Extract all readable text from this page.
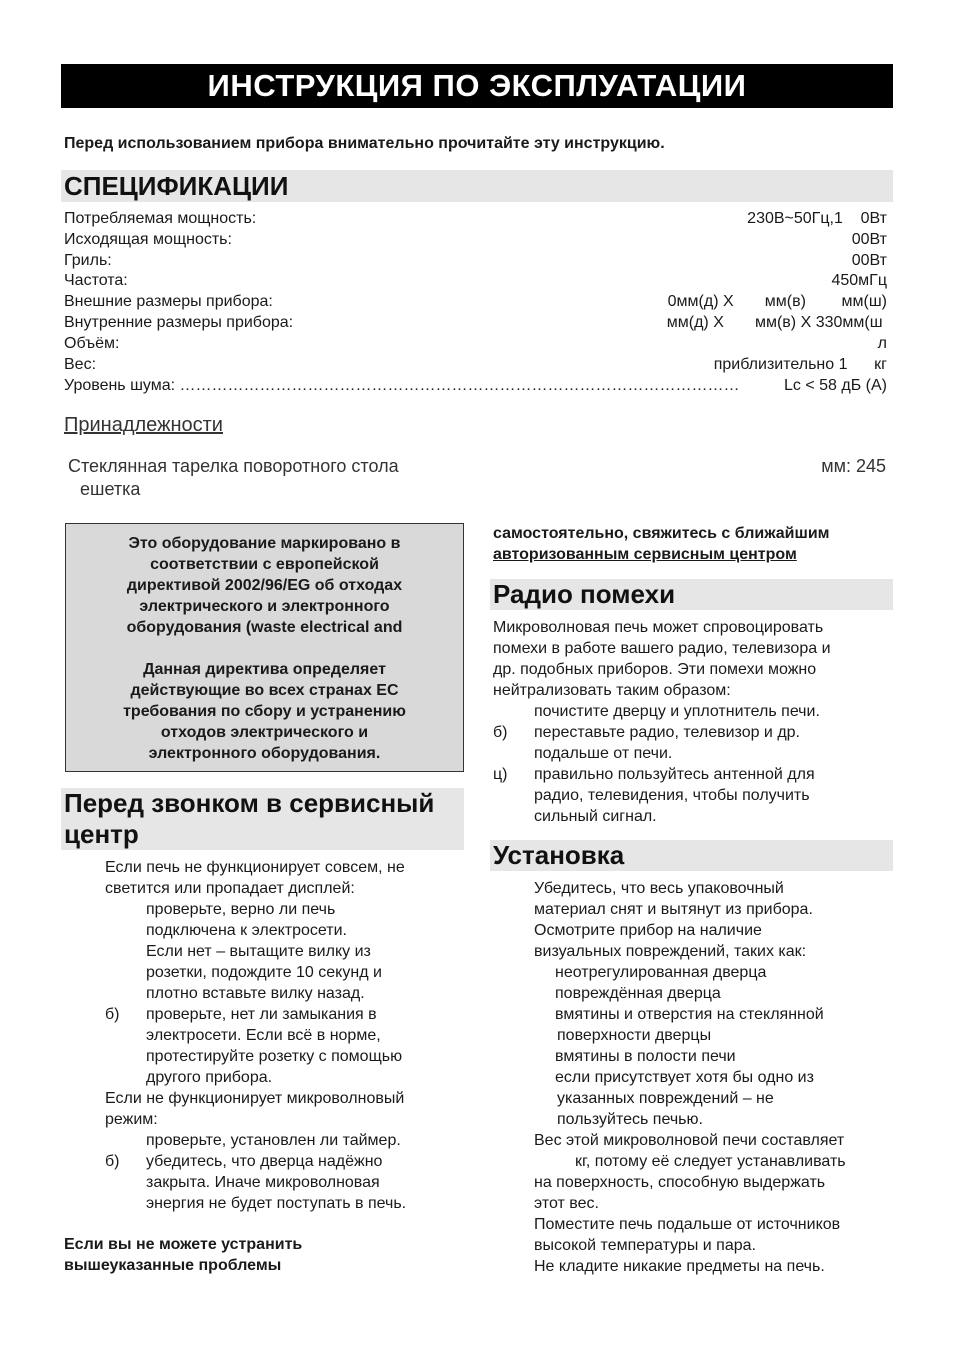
ИНСТРУКЦИЯ ПО ЭКСПЛУАТАЦИИ
Перед использованием прибора внимательно прочитайте эту инструкцию.
СПЕЦИФИКАЦИИ
Потребляемая мощность:	230В~50Гц,1    0Вт
Исходящая мощность:	00Вт
Гриль:	00Вт
Частота:	450мГц
Внешние размеры прибора:	0мм(д) Х       мм(в)        мм(ш)
Внутренние размеры прибора:	мм(д) Х       мм(в) Х 330мм(ш
Объём:	л
Вес:	приблизительно 1      кг
Уровень шума: ……………………………………………………………………………………………	Lc < 58 дБ (А)
Принадлежности
Стеклянная тарелка поворотного стола	мм: 245
ешетка

Это оборудование маркировано в

соответствии с европейской

директивой 2002/96/EG об отходах

электрического и электронного

оборудования (waste electrical and

Данная директива определяет

действующие во всех странах ЕС

требования по сбору и устранению

отходов электрического и

электронного оборудования.

Перед звонком в сервисный
центр
Если печь не функционирует совсем, не
светится или пропадает дисплей:
проверьте, верно ли печь
подключена к электросети.
Если нет – вытащите вилку из
розетки, подождите 10 секунд и
плотно вставьте вилку назад.
б) проверьте, нет ли замыкания в
электросети. Если всё в норме,
протестируйте розетку с помощью
другого прибора.
Если не функционирует микроволновый
режим:
проверьте, установлен ли таймер.
б) убедитесь, что дверца надёжно
закрыта. Иначе микроволновая
энергия не будет поступать в печь.
Если вы не можете устранить
вышеуказанные проблемы
самостоятельно, свяжитесь с ближайшим
авторизованным сервисным центром
Радио помехи
Микроволновая печь может спровоцировать
помехи в работе вашего радио, телевизора и
др. подобных приборов. Эти помехи можно
нейтрализовать таким образом:
почистите дверцу и уплотнитель печи.
б) переставьте радио, телевизор и др.
подальше от печи.
ц) правильно пользуйтесь антенной для
радио, телевидения, чтобы получить
сильный сигнал.
Установка
Убедитесь, что весь упаковочный
материал снят и вытянут из прибора.
Осмотрите прибор на наличие
визуальных повреждений, таких как:
неотрегулированная дверца
повреждённая дверца
вмятины и отверстия на стеклянной
поверхности дверцы
вмятины в полости печи
если присутствует хотя бы одно из
указанных повреждений – не
пользуйтесь печью.
Вес этой микроволновой печи составляет
кг, потому её следует устанавливать
на поверхность, способную выдержать
этот вес.
Поместите печь подальше от источников
высокой температуры и пара.
Не кладите никакие предметы на печь.
